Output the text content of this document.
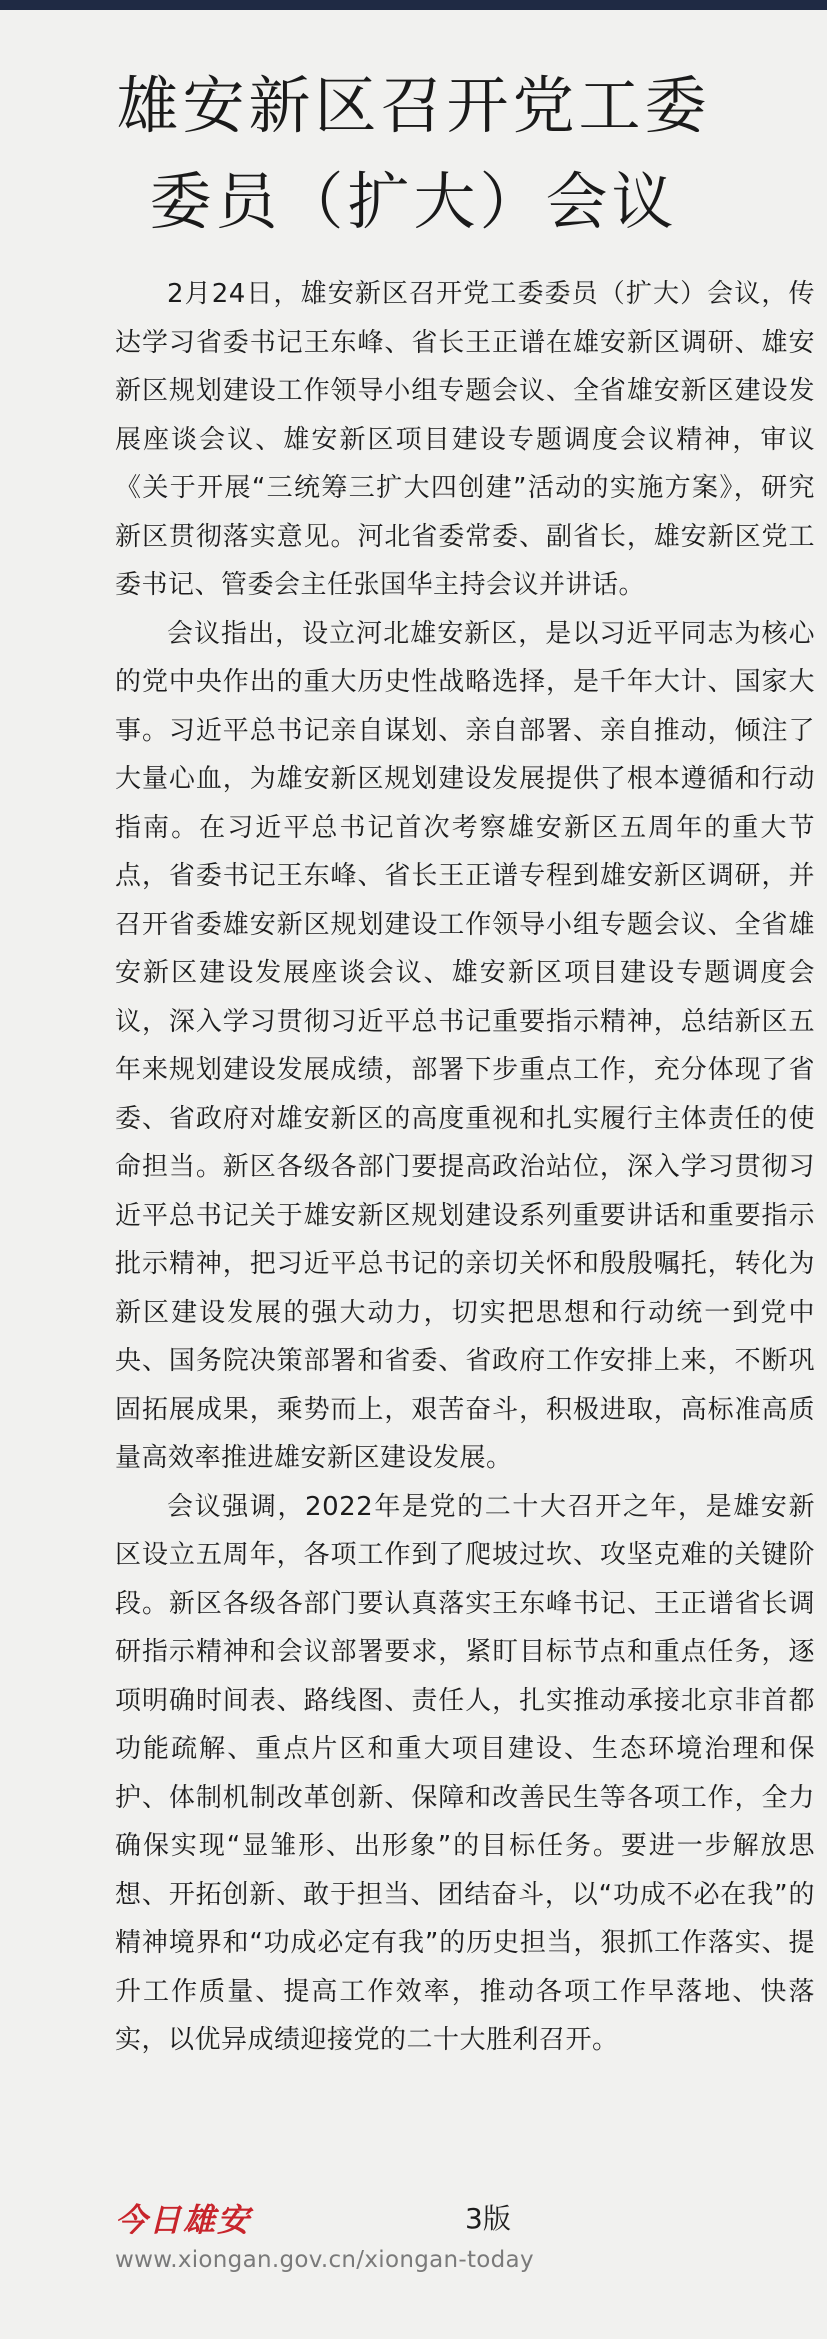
雄安新区召开党工委
委员（扩大）会议

2月24日，雄安新区召开党工委委员（扩大）会议，传达学习省委书记王东峰、省长王正谱在雄安新区调研、雄安新区规划建设工作领导小组专题会议、全省雄安新区建设发展座谈会议、雄安新区项目建设专题调度会议精神，审议《关于开展“三统筹三扩大四创建”活动的实施方案》，研究新区贯彻落实意见。河北省委常委、副省长，雄安新区党工委书记、管委会主任张国华主持会议并讲话。

会议指出，设立河北雄安新区，是以习近平同志为核心的党中央作出的重大历史性战略选择，是千年大计、国家大事。习近平总书记亲自谋划、亲自部署、亲自推动，倾注了大量心血，为雄安新区规划建设发展提供了根本遵循和行动指南。在习近平总书记首次考察雄安新区五周年的重大节点，省委书记王东峰、省长王正谱专程到雄安新区调研，并召开省委雄安新区规划建设工作领导小组专题会议、全省雄安新区建设发展座谈会议、雄安新区项目建设专题调度会议，深入学习贯彻习近平总书记重要指示精神，总结新区五年来规划建设发展成绩，部署下步重点工作，充分体现了省委、省政府对雄安新区的高度重视和扎实履行主体责任的使命担当。新区各级各部门要提高政治站位，深入学习贯彻习近平总书记关于雄安新区规划建设系列重要讲话和重要指示批示精神，把习近平总书记的亲切关怀和殷殷嘱托，转化为新区建设发展的强大动力，切实把思想和行动统一到党中央、国务院决策部署和省委、省政府工作安排上来，不断巩固拓展成果，乘势而上，艰苦奋斗，积极进取，高标准高质量高效率推进雄安新区建设发展。

会议强调，2022年是党的二十大召开之年，是雄安新区设立五周年，各项工作到了爬坡过坎、攻坚克难的关键阶段。新区各级各部门要认真落实王东峰书记、王正谱省长调研指示精神和会议部署要求，紧盯目标节点和重点任务，逐项明确时间表、路线图、责任人，扎实推动承接北京非首都功能疏解、重点片区和重大项目建设、生态环境治理和保护、体制机制改革创新、保障和改善民生等各项工作，全力确保实现“显雏形、出形象”的目标任务。要进一步解放思想、开拓创新、敢于担当、团结奋斗，以“功成不必在我”的精神境界和“功成必定有我”的历史担当，狠抓工作落实、提升工作质量、提高工作效率，推动各项工作早落地、快落实，以优异成绩迎接党的二十大胜利召开。

今日雄安	3版
www.xiongan.gov.cn/xiongan-today
